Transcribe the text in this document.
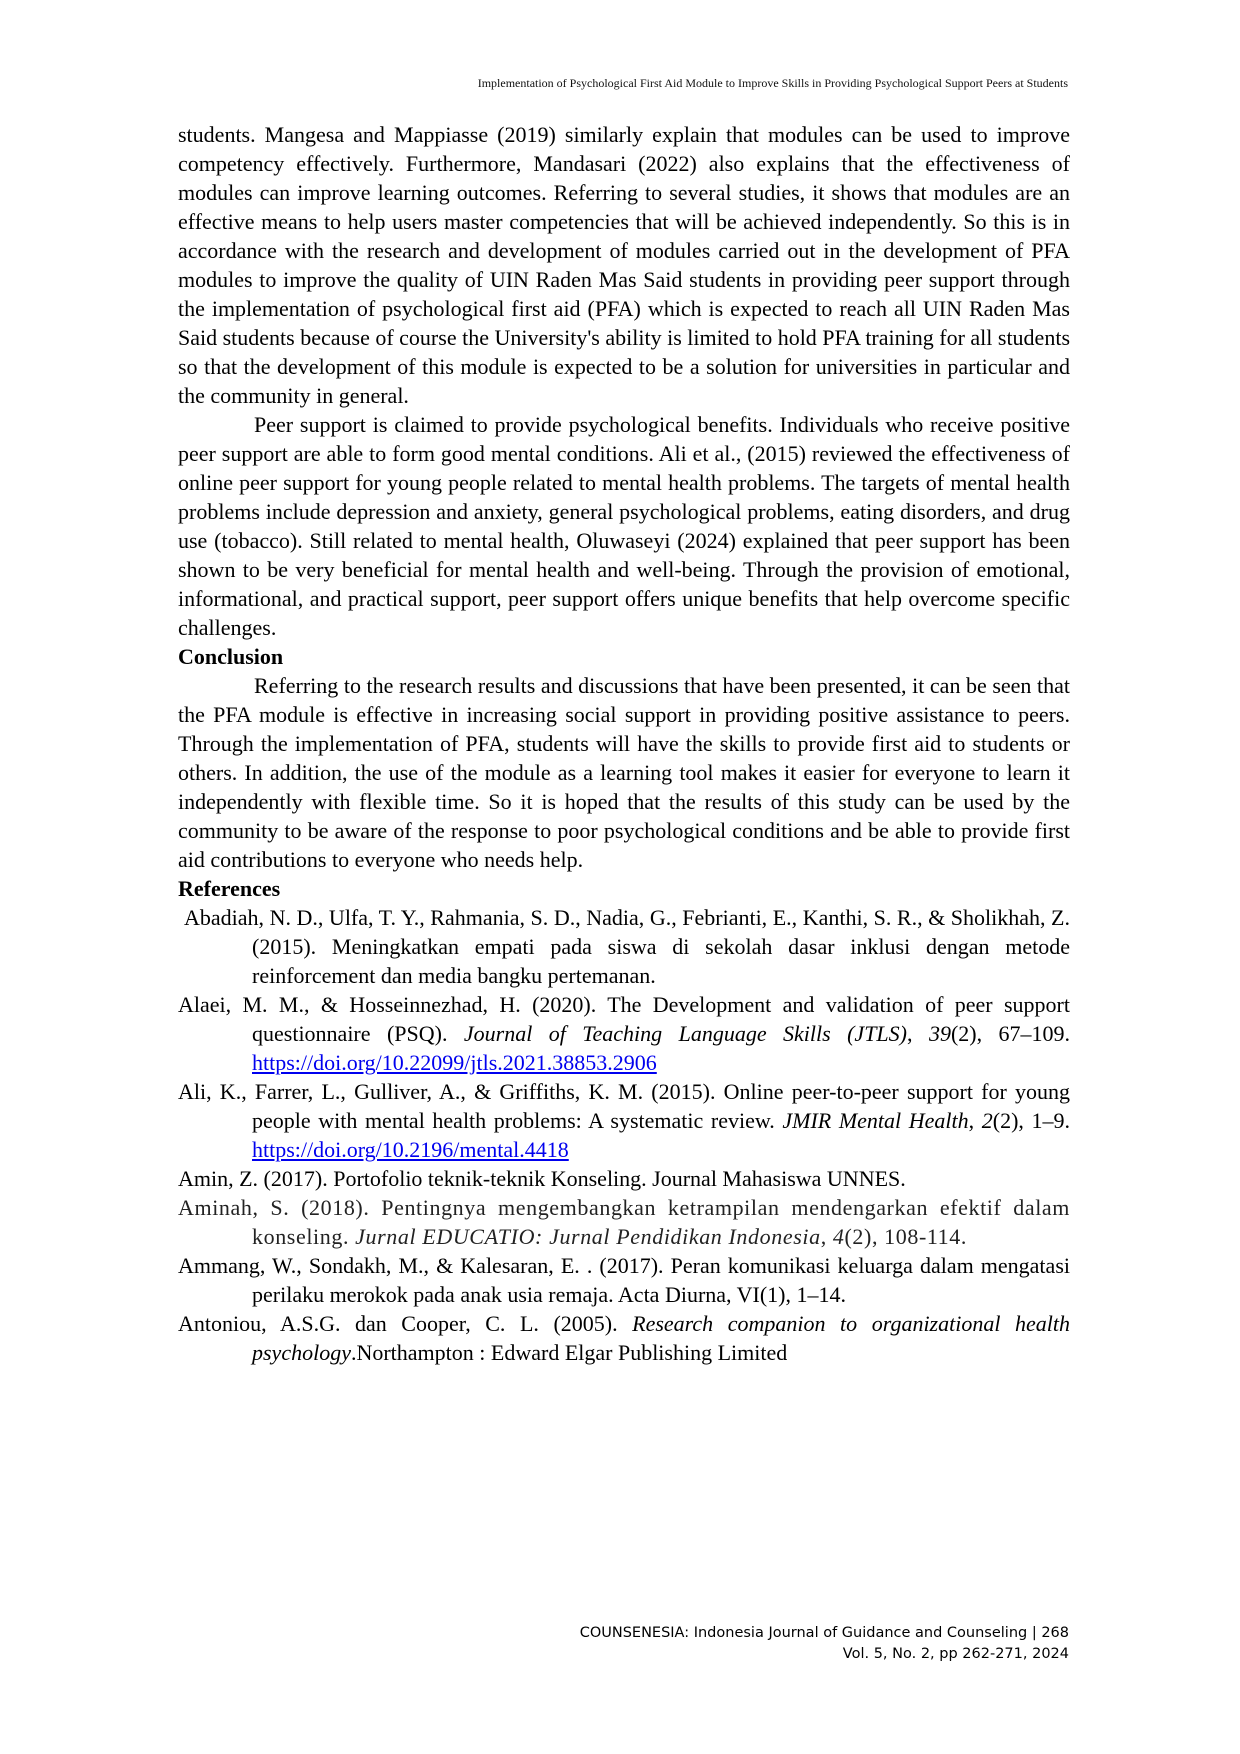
Implementation of Psychological First Aid Module to Improve Skills in Providing Psychological Support Peers at Students

students. Mangesa and Mappiasse (2019) similarly explain that modules can be used to improve competency effectively. Furthermore, Mandasari (2022) also explains that the effectiveness of modules can improve learning outcomes. Referring to several studies, it shows that modules are an effective means to help users master competencies that will be achieved independently. So this is in accordance with the research and development of modules carried out in the development of PFA modules to improve the quality of UIN Raden Mas Said students in providing peer support through the implementation of psychological first aid (PFA) which is expected to reach all UIN Raden Mas Said students because of course the University's ability is limited to hold PFA training for all students so that the development of this module is expected to be a solution for universities in particular and the community in general.

Peer support is claimed to provide psychological benefits. Individuals who receive positive peer support are able to form good mental conditions. Ali et al., (2015) reviewed the effectiveness of online peer support for young people related to mental health problems. The targets of mental health problems include depression and anxiety, general psychological problems, eating disorders, and drug use (tobacco). Still related to mental health, Oluwaseyi (2024) explained that peer support has been shown to be very beneficial for mental health and well-being. Through the provision of emotional, informational, and practical support, peer support offers unique benefits that help overcome specific challenges.

Conclusion

Referring to the research results and discussions that have been presented, it can be seen that the PFA module is effective in increasing social support in providing positive assistance to peers. Through the implementation of PFA, students will have the skills to provide first aid to students or others. In addition, the use of the module as a learning tool makes it easier for everyone to learn it independently with flexible time. So it is hoped that the results of this study can be used by the community to be aware of the response to poor psychological conditions and be able to provide first aid contributions to everyone who needs help.

References

Abadiah, N. D., Ulfa, T. Y., Rahmania, S. D., Nadia, G., Febrianti, E., Kanthi, S. R., & Sholikhah, Z. (2015). Meningkatkan empati pada siswa di sekolah dasar inklusi dengan metode reinforcement dan media bangku pertemanan.

Alaei, M. M., & Hosseinnezhad, H. (2020). The Development and validation of peer support questionnaire (PSQ). Journal of Teaching Language Skills (JTLS), 39(2), 67–109. https://doi.org/10.22099/jtls.2021.38853.2906

Ali, K., Farrer, L., Gulliver, A., & Griffiths, K. M. (2015). Online peer-to-peer support for young people with mental health problems: A systematic review. JMIR Mental Health, 2(2), 1–9. https://doi.org/10.2196/mental.4418

Amin, Z. (2017). Portofolio teknik-teknik Konseling. Journal Mahasiswa UNNES.

Aminah, S. (2018). Pentingnya mengembangkan ketrampilan mendengarkan efektif dalam konseling. Jurnal EDUCATIO: Jurnal Pendidikan Indonesia, 4(2), 108-114.

Ammang, W., Sondakh, M., & Kalesaran, E. . (2017). Peran komunikasi keluarga dalam mengatasi perilaku merokok pada anak usia remaja. Acta Diurna, VI(1), 1–14.

Antoniou, A.S.G. dan Cooper, C. L. (2005). Research companion to organizational health psychology.Northampton : Edward Elgar Publishing Limited

COUNSENESIA: Indonesia Journal of Guidance and Counseling | 268
Vol. 5, No. 2, pp 262-271, 2024
